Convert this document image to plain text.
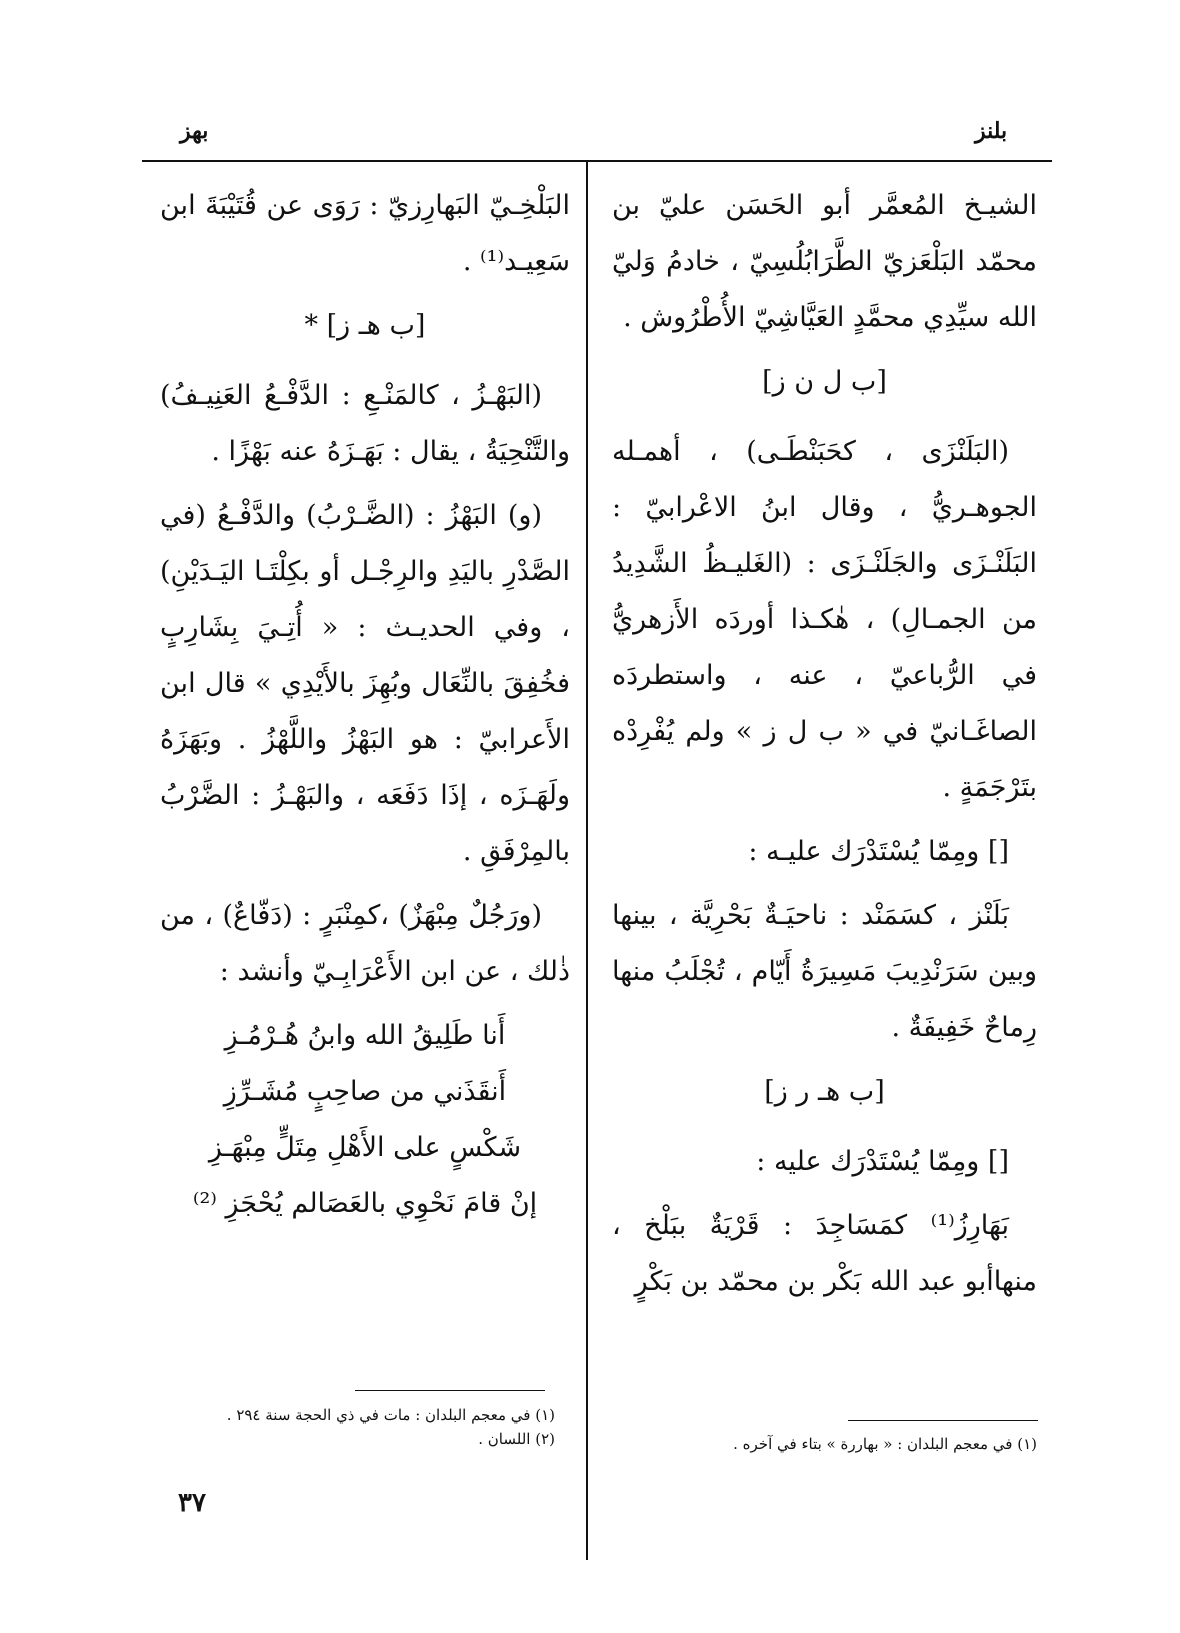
بلنز
بهز

الشيـخ المُعمَّر أبو الحَسَن عليّ بن محمّد البَلْعَزيّ الطَّرَابُلُسِيّ ، خادمُ وَليّ الله سيِّدِي محمَّدٍ العَيَّاشِيّ الأُطْرُوش .

[ب ل ن ز]

(البَلَنْزَى ، كحَبَنْطَـى) ، أهمـله الجوهـريُّ ، وقال ابنُ الاعْرابيّ : البَلَنْـزَى والجَلَنْـزَى : (الغَليـظُ الشَّدِيدُ من الجمـالِ) ، هٰكـذا أوردَه الأَزهريُّ في الرُّباعيّ ، عنه ، واستطردَه الصاغَـانيّ في « ب ل ز » ولم يُفْرِدْه بتَرْجَمَةٍ .

[] ومِمّا يُسْتَدْرَك عليـه :

بَلَنْز ، كسَمَنْد : ناحيَـةٌ بَحْرِيَّة ، بينها وبين سَرَنْدِيبَ مَسِيرَةُ أَيّام ، تُجْلَبُ منها رِماحٌ خَفِيفَةٌ .

[ب هـ ر ز]

[] ومِمّا يُسْتَدْرَك عليه :

بَهَارِزُ⁽¹⁾ كمَسَاجِدَ : قَرْيَةٌ ببَلْخ ، منهاأبو عبد الله بَكْر بن محمّد بن بَكْرٍ

(١) في معجم البلدان : « بهاررة » بتاء في آخره .

البَلْخِـيّ البَهارِزيّ : رَوَى عن قُتَيْبَةَ ابن سَعِيـد⁽¹⁾ .

[ب هـ ز] *

(البَهْـزُ ، كالمَنْـعِ : الدَّفْـعُ العَنِيـفُ) والتَّنْحِيَةُ ، يقال : بَهَـزَهُ عنه بَهْزًا .

(و) البَهْزُ : (الضَّـرْبُ) والدَّفْـعُ (في الصَّدْرِ باليَدِ والرِجْـل أو بكِلْتَـا اليَـدَيْنِ) ، وفي الحديـث : « أُتِـيَ بِشَارِبٍ فخُفِقَ بالنِّعَال وبُهِزَ بالأَيْدِي » قال ابن الأَعرابيّ : هو البَهْزُ واللَّهْزُ . وبَهَزَهُ ولَهَـزَه ، إذَا دَفَعَه ، والبَهْـزُ : الضَّرْبُ بالمِرْفَقِ .

(ورَجُلٌ مِبْهَزٌ) ،كمِنْبَرٍ : (دَفّاعٌ) ، من ذٰلك ، عن ابن الأَعْرَابِـيّ وأنشد :

أَنا طَلِيقُ الله وابنُ هُـرْمُـزِ
أَنقَذَني من صاحِبٍ مُشَـرِّزِ
شَكْسٍ على الأَهْلِ مِتَلٍّ مِبْهَـزِ
إنْ قامَ نَحْوِي بالعَصَالم يُحْجَزِ ⁽²⁾
(١) في معجم البلدان : مات في ذي الحجة سنة ٢٩٤ .
(٢) اللسان .
٣٧
